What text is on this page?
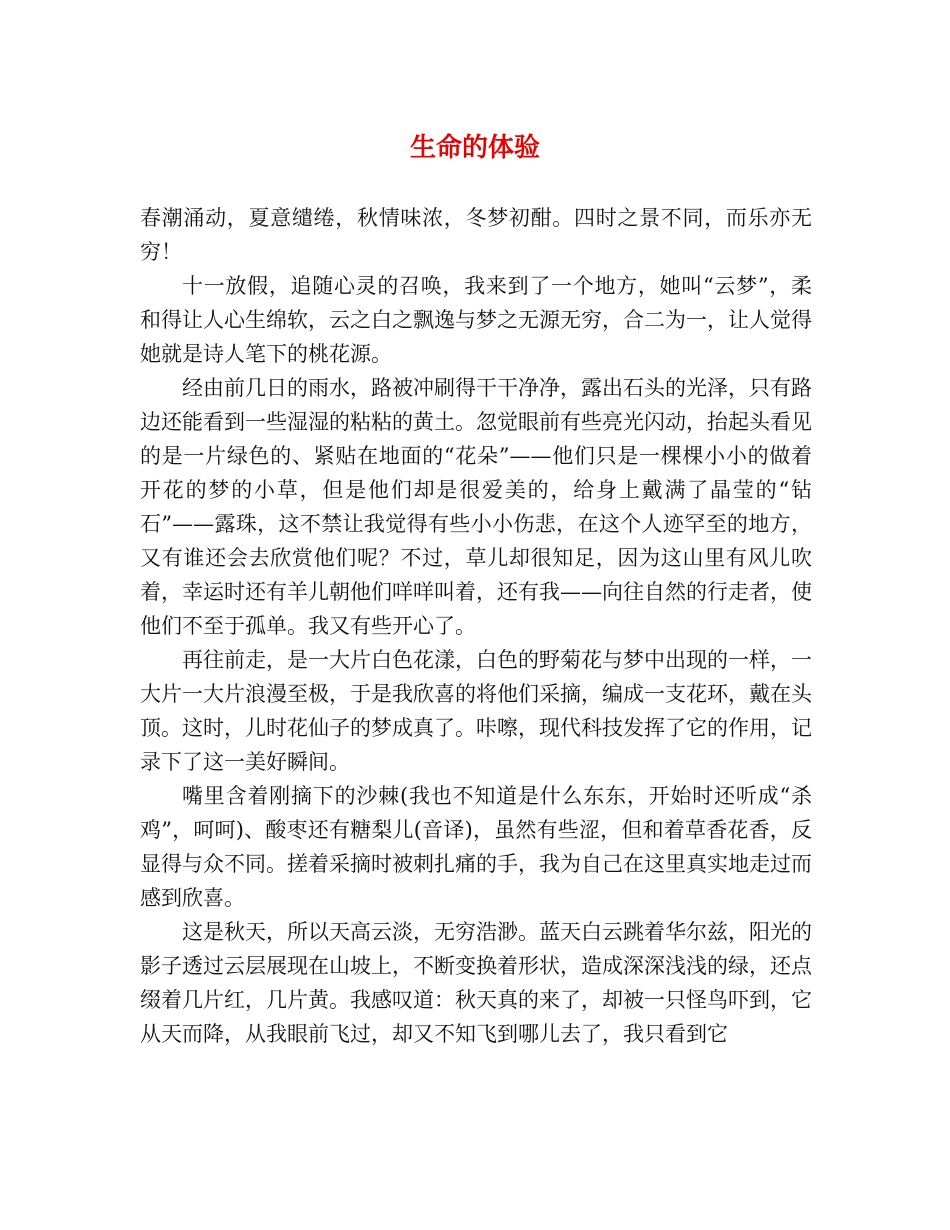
生命的体验

春潮涌动，夏意缱绻，秋情味浓，冬梦初酣。四时之景不同，而乐亦无穷！

十一放假，追随心灵的召唤，我来到了一个地方，她叫“云梦”，柔和得让人心生绵软，云之白之飘逸与梦之无源无穷，合二为一，让人觉得她就是诗人笔下的桃花源。

经由前几日的雨水，路被冲刷得干干净净，露出石头的光泽，只有路边还能看到一些湿湿的粘粘的黄土。忽觉眼前有些亮光闪动，抬起头看见的是一片绿色的、紧贴在地面的“花朵”——他们只是一棵棵小小的做着开花的梦的小草，但是他们却是很爱美的，给身上戴满了晶莹的“钻石”——露珠，这不禁让我觉得有些小小伤悲，在这个人迹罕至的地方，又有谁还会去欣赏他们呢？不过，草儿却很知足，因为这山里有风儿吹着，幸运时还有羊儿朝他们咩咩叫着，还有我——向往自然的行走者，使他们不至于孤单。我又有些开心了。

再往前走，是一大片白色花漾，白色的野菊花与梦中出现的一样，一大片一大片浪漫至极，于是我欣喜的将他们采摘，编成一支花环，戴在头顶。这时，儿时花仙子的梦成真了。咔嚓，现代科技发挥了它的作用，记录下了这一美好瞬间。

嘴里含着刚摘下的沙棘(我也不知道是什么东东，开始时还听成“杀鸡”，呵呵)、酸枣还有糖梨儿(音译)，虽然有些涩，但和着草香花香，反显得与众不同。搓着采摘时被刺扎痛的手，我为自己在这里真实地走过而感到欣喜。

这是秋天，所以天高云淡，无穷浩渺。蓝天白云跳着华尔兹，阳光的影子透过云层展现在山坡上，不断变换着形状，造成深深浅浅的绿，还点缀着几片红，几片黄。我感叹道：秋天真的来了，却被一只怪鸟吓到，它从天而降，从我眼前飞过，却又不知飞到哪儿去了，我只看到它
